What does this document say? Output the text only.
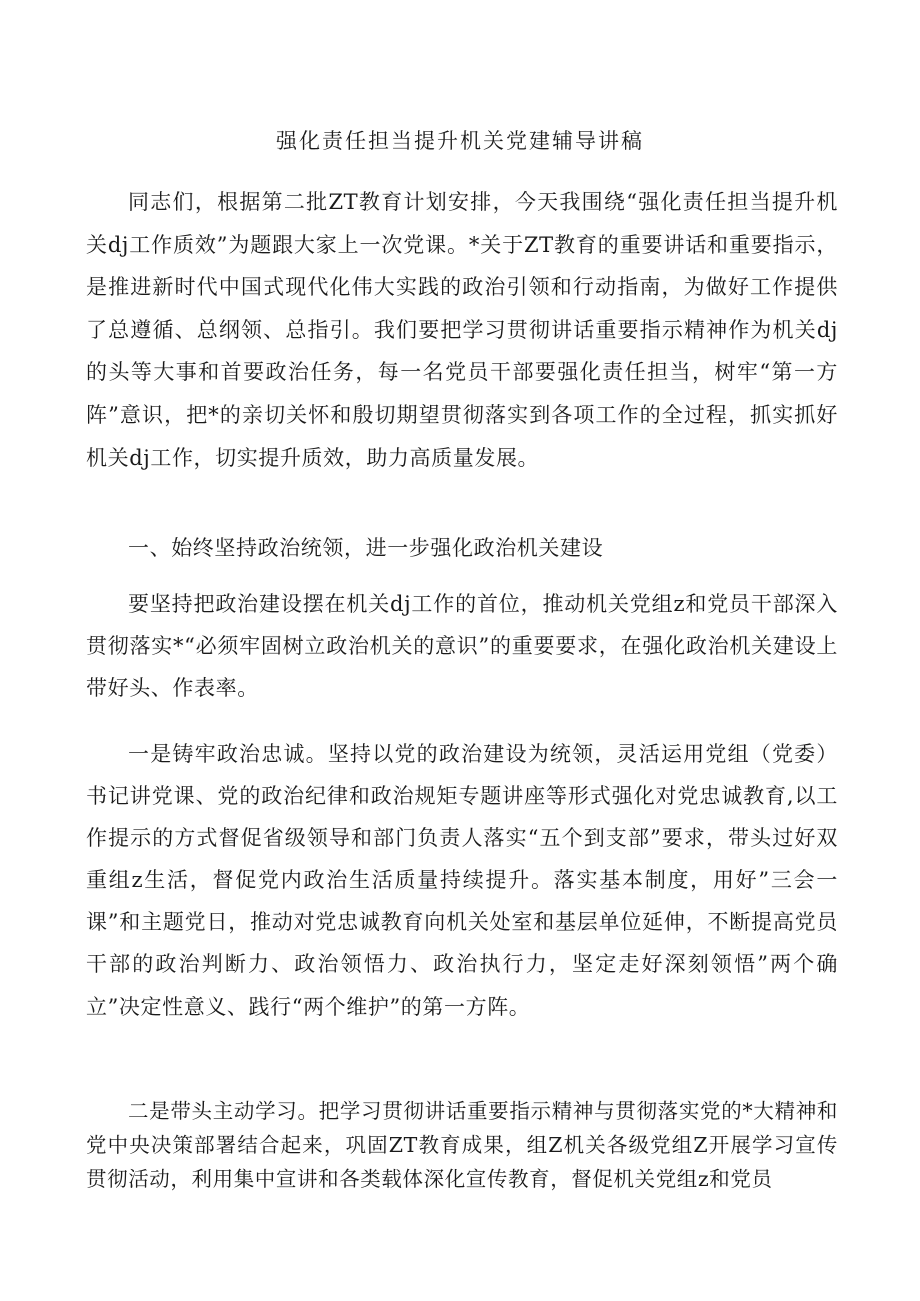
强化责任担当提升机关党建辅导讲稿

同志们，根据第二批ZT教育计划安排，今天我围绕“强化责任担当提升机关dj工作质效”为题跟大家上一次党课。*关于ZT教育的重要讲话和重要指示，是推进新时代中国式现代化伟大实践的政治引领和行动指南，为做好工作提供了总遵循、总纲领、总指引。我们要把学习贯彻讲话重要指示精神作为机关dj的头等大事和首要政治任务，每一名党员干部要强化责任担当，树牢“第一方阵”意识，把*的亲切关怀和殷切期望贯彻落实到各项工作的全过程，抓实抓好机关dj工作，切实提升质效，助力高质量发展。

一、始终坚持政治统领，进一步强化政治机关建设

要坚持把政治建设摆在机关dj工作的首位，推动机关党组z和党员干部深入贯彻落实*“必须牢固树立政治机关的意识”的重要要求，在强化政治机关建设上带好头、作表率。

一是铸牢政治忠诚。坚持以党的政治建设为统领，灵活运用党组（党委）书记讲党课、党的政治纪律和政治规矩专题讲座等形式强化对党忠诚教育,以工作提示的方式督促省级领导和部门负责人落实“五个到支部”要求，带头过好双重组z生活，督促党内政治生活质量持续提升。落实基本制度，用好”三会一课”和主题党日，推动对党忠诚教育向机关处室和基层单位延伸，不断提高党员干部的政治判断力、政治领悟力、政治执行力，坚定走好深刻领悟”两个确立”决定性意义、践行“两个维护”的第一方阵。

二是带头主动学习。把学习贯彻讲话重要指示精神与贯彻落实党的*大精神和党中央决策部署结合起来，巩固ZT教育成果，组Z机关各级党组Z开展学习宣传贯彻活动，利用集中宣讲和各类载体深化宣传教育，督促机关党组z和党员
